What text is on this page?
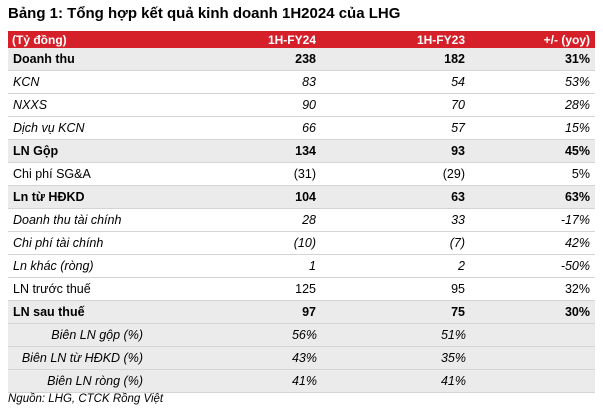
Bảng 1: Tổng hợp kết quả kinh doanh 1H2024 của LHG
(Tỷ đồng)	1H-FY24	1H-FY23	+/- (yoy)
Doanh thu	238	182	31%
KCN	83	54	53%
NXXS	90	70	28%
Dịch vụ KCN	66	57	15%
LN Gộp	134	93	45%
Chi phí SG&A	(31)	(29)	5%
Ln từ HĐKD	104	63	63%
Doanh thu tài chính	28	33	-17%
Chi phí tài chính	(10)	(7)	42%
Ln khác (ròng)	1	2	-50%
LN trước thuế	125	95	32%
LN sau thuế	97	75	30%
Biên LN gộp (%)	56%	51%
Biên LN từ HĐKD (%)	43%	35%
Biên LN ròng (%)	41%	41%
Nguồn: LHG, CTCK Rồng Việt
